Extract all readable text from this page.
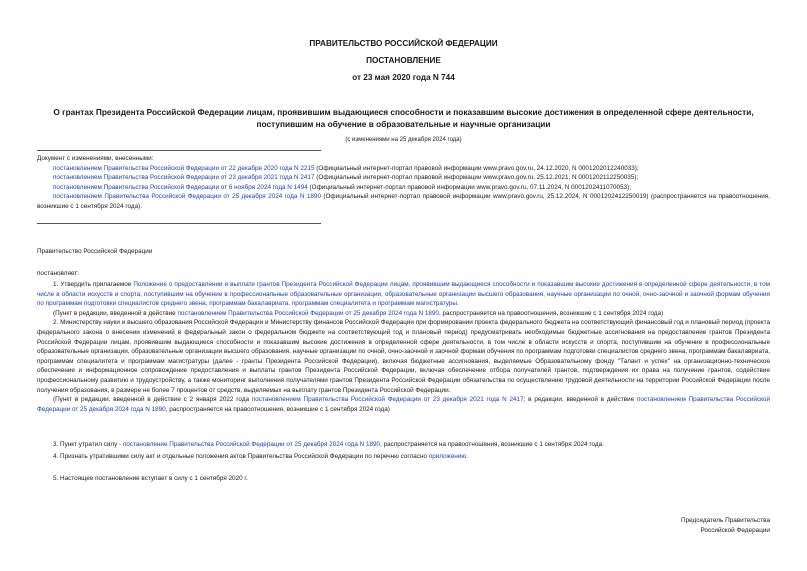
ПРАВИТЕЛЬСТВО РОССИЙСКОЙ ФЕДЕРАЦИИ
ПОСТАНОВЛЕНИЕ
от 23 мая 2020 года N 744
О грантах Президента Российской Федерации лицам, проявившим выдающиеся способности и показавшим высокие достижения в определенной сфере деятельности, поступившим на обучение в образовательные и научные организации
(с изменениями на 25 декабря 2024 года)

Документ с изменениями, внесенными:

постановлением Правительства Российской Федерации от 22 декабря 2020 года N 2215 (Официальный интернет-портал правовой информации www.pravo.gov.ru, 24.12.2020, N 0001202012240033);

постановлением Правительства Российской Федерации от 23 декабря 2021 года N 2417 (Официальный интернет-портал правовой информации www.pravo.gov.ru, 25.12.2021, N 0001202112250035);

постановлением Правительства Российской Федерации от 6 ноября 2024 года N 1494 (Официальный интернет-портал правовой информации www.pravo.gov.ru, 07.11.2024, N 0001202411070053);

постановлением Правительства Российской Федерации от 25 декабря 2024 года N 1890 (Официальный интернет-портал правовой информации www.pravo.gov.ru, 25.12.2024, N 0001202412250019) (распространяется на правоотношения, возникшие с 1 сентября 2024 года).

Правительство Российской Федерации
постановляет:

1. Утвердить прилагаемое Положение о предоставлении и выплате грантов Президента Российской Федерации лицам, проявившим выдающиеся способности и показавшим высокие достижения в определенной сфере деятельности, в том числе в области искусств и спорта, поступившим на обучение в профессиональные образовательные организации, образовательные организации высшего образования, научные организации по очной, очно-заочной и заочной формам обучения по программам подготовки специалистов среднего звена, программам бакалавриата, программам специалитета и программам магистратуры.

(Пункт в редакции, введенной в действие постановлением Правительства Российской Федерации от 25 декабря 2024 года N 1890, распространяется на правоотношения, возникшие с 1 сентября 2024 года)

2. Министерству науки и высшего образования Российской Федерации и Министерству финансов Российской Федерации при формировании проекта федерального бюджета на соответствующий финансовый год и плановый период (проекта федерального закона о внесении изменений в федеральный закон о федеральном бюджете на соответствующий год и плановый период) предусматривать необходимые бюджетные ассигнования на предоставление грантов Президента Российской Федерации лицам, проявившим выдающиеся способности и показавшим высокие достижения в определенной сфере деятельности, в том числе в области искусств и спорта, поступившим на обучение в профессиональные образовательные организации, образовательные организации высшего образования, научные организации по очной, очно-заочной и заочной формам обучения по программам подготовки специалистов среднего звена, программам бакалавриата, программам специалитета и программам магистратуры (далее - гранты Президента Российской Федерации), включая бюджетные ассигнования, выделяемые Образовательному фонду "Талант и успех" на организационно-техническое обеспечение и информационное сопровождение предоставления и выплаты грантов Президента Российской Федерации, включая обеспечение отбора получателей грантов, подтверждения их права на получение грантов, содействие профессиональному развитию и трудоустройству, а также мониторинг выполнения получателями грантов Президента Российской Федерации обязательства по осуществлению трудовой деятельности на территории Российской Федерации после получения образования, в размере не более 7 процентов от средств, выделяемых на выплату грантов Президента Российской Федерации.

(Пункт в редакции, введенной в действие с 2 января 2022 года постановлением Правительства Российской Федерации от 23 декабря 2021 года N 2417; в редакции, введенной в действие постановлением Правительства Российской Федерации от 25 декабря 2024 года N 1890, распространяется на правоотношения, возникшие с 1 сентября 2024 года)

3. Пункт утратил силу - постановление Правительства Российской Федерации от 25 декабря 2024 года N 1890, распространяется на правоотношения, возникшие с 1 сентября 2024 года.

4. Признать утратившими силу акт и отдельные положения актов Правительства Российской Федерации по перечню согласно приложению.

5. Настоящее постановление вступает в силу с 1 сентября 2020 г.

Председатель Правительства
Российской Федерации
